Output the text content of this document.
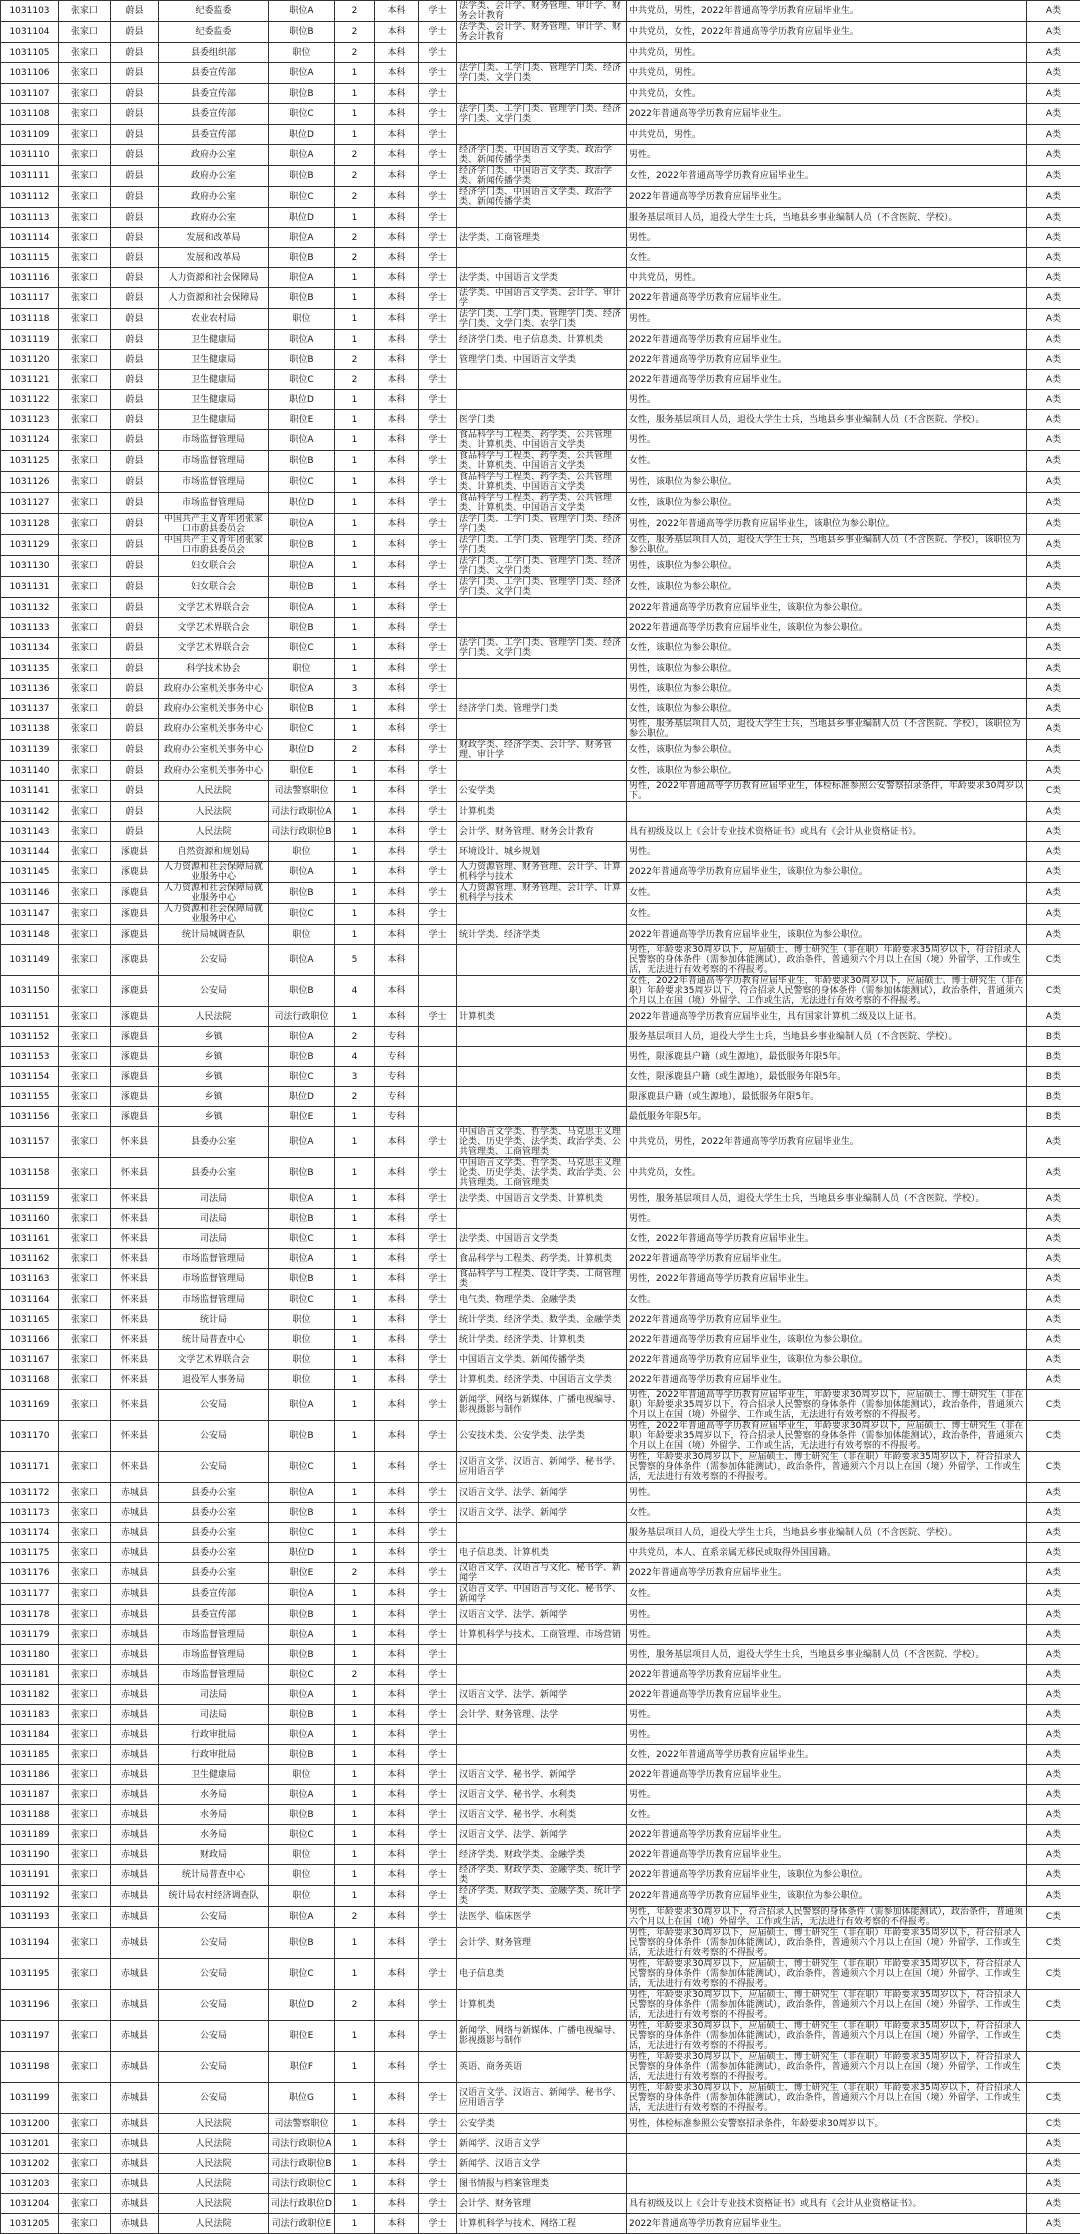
1031103	张家口	蔚县	纪委监委	职位A	2	本科	学士	法学类、会计学、财务管理、审计学、财务会计教育	中共党员，男性，2022年普通高等学历教育应届毕业生。	A类
1031104	张家口	蔚县	纪委监委	职位B	2	本科	学士	法学类、会计学、财务管理、审计学、财务会计教育	中共党员，女性，2022年普通高等学历教育应届毕业生。	A类
1031105	张家口	蔚县	县委组织部	职位	2	本科	学士		中共党员，男性。	A类
1031106	张家口	蔚县	县委宣传部	职位A	1	本科	学士	法学门类、工学门类、管理学门类、经济学门类、文学门类	中共党员，男性。	A类
1031107	张家口	蔚县	县委宣传部	职位B	1	本科	学士		中共党员，女性。	A类
1031108	张家口	蔚县	县委宣传部	职位C	1	本科	学士	法学门类、工学门类、管理学门类、经济学门类、文学门类	2022年普通高等学历教育应届毕业生。	A类
1031109	张家口	蔚县	县委宣传部	职位D	1	本科	学士		中共党员，男性。	A类
1031110	张家口	蔚县	政府办公室	职位A	2	本科	学士	经济学门类、中国语言文学类、政治学类、新闻传播学类	男性。	A类
1031111	张家口	蔚县	政府办公室	职位B	2	本科	学士	经济学门类、中国语言文学类、政治学类、新闻传播学类	女性，2022年普通高等学历教育应届毕业生。	A类
1031112	张家口	蔚县	政府办公室	职位C	2	本科	学士	经济学门类、中国语言文学类、政治学类、新闻传播学类	2022年普通高等学历教育应届毕业生。	A类
1031113	张家口	蔚县	政府办公室	职位D	1	本科	学士		服务基层项目人员，退役大学生士兵，当地县乡事业编制人员（不含医院、学校）。	A类
1031114	张家口	蔚县	发展和改革局	职位A	2	本科	学士	法学类、工商管理类	男性。	A类
1031115	张家口	蔚县	发展和改革局	职位B	2	本科	学士		女性。	A类
1031116	张家口	蔚县	人力资源和社会保障局	职位A	1	本科	学士	法学类、中国语言文学类	中共党员，男性。	A类
1031117	张家口	蔚县	人力资源和社会保障局	职位B	1	本科	学士	法学类、中国语言文学类、会计学、审计学	2022年普通高等学历教育应届毕业生。	A类
1031118	张家口	蔚县	农业农村局	职位	1	本科	学士	法学门类、工学门类、管理学门类、经济学门类、文学门类、农学门类	男性。	A类
1031119	张家口	蔚县	卫生健康局	职位A	1	本科	学士	经济学门类、电子信息类、计算机类	2022年普通高等学历教育应届毕业生。	A类
1031120	张家口	蔚县	卫生健康局	职位B	2	本科	学士	管理学门类、中国语言文学类	2022年普通高等学历教育应届毕业生。	A类
1031121	张家口	蔚县	卫生健康局	职位C	2	本科	学士		2022年普通高等学历教育应届毕业生。	A类
1031122	张家口	蔚县	卫生健康局	职位D	1	本科	学士		男性。	A类
1031123	张家口	蔚县	卫生健康局	职位E	1	本科	学士	医学门类	女性，服务基层项目人员，退役大学生士兵，当地县乡事业编制人员（不含医院、学校）。	A类
1031124	张家口	蔚县	市场监督管理局	职位A	1	本科	学士	食品科学与工程类、药学类、公共管理类、计算机类、中国语言文学类	男性。	A类
1031125	张家口	蔚县	市场监督管理局	职位B	1	本科	学士	食品科学与工程类、药学类、公共管理类、计算机类、中国语言文学类	女性。	A类
1031126	张家口	蔚县	市场监督管理局	职位C	1	本科	学士	食品科学与工程类、药学类、公共管理类、计算机类、中国语言文学类	男性，该职位为参公职位。	A类
1031127	张家口	蔚县	市场监督管理局	职位D	1	本科	学士	食品科学与工程类、药学类、公共管理类、计算机类、中国语言文学类	女性，该职位为参公职位。	A类
1031128	张家口	蔚县	中国共产主义青年团张家口市蔚县委员会	职位A	1	本科	学士	法学门类、工学门类、管理学门类、经济学门类	男性，2022年普通高等学历教育应届毕业生，该职位为参公职位。	A类
1031129	张家口	蔚县	中国共产主义青年团张家口市蔚县委员会	职位B	1	本科	学士	法学门类、工学门类、管理学门类、经济学门类	女性，服务基层项目人员，退役大学生士兵，当地县乡事业编制人员（不含医院、学校），该职位为参公职位。	A类
1031130	张家口	蔚县	妇女联合会	职位A	1	本科	学士	法学门类、工学门类、管理学门类、经济学门类、文学门类	男性，该职位为参公职位。	A类
1031131	张家口	蔚县	妇女联合会	职位B	1	本科	学士	法学门类、工学门类、管理学门类、经济学门类、文学门类	女性，该职位为参公职位。	A类
1031132	张家口	蔚县	文学艺术界联合会	职位A	1	本科	学士		2022年普通高等学历教育应届毕业生，该职位为参公职位。	A类
1031133	张家口	蔚县	文学艺术界联合会	职位B	1	本科	学士		2022年普通高等学历教育应届毕业生，该职位为参公职位。	A类
1031134	张家口	蔚县	文学艺术界联合会	职位C	1	本科	学士	法学门类、工学门类、管理学门类、经济学门类、文学门类	女性，该职位为参公职位。	A类
1031135	张家口	蔚县	科学技术协会	职位	1	本科	学士		男性，该职位为参公职位。	A类
1031136	张家口	蔚县	政府办公室机关事务中心	职位A	3	本科	学士		男性，该职位为参公职位。	A类
1031137	张家口	蔚县	政府办公室机关事务中心	职位B	1	本科	学士	经济学门类、管理学门类	女性，该职位为参公职位。	A类
1031138	张家口	蔚县	政府办公室机关事务中心	职位C	1	本科	学士		男性，服务基层项目人员，退役大学生士兵，当地县乡事业编制人员（不含医院、学校），该职位为参公职位。	A类
1031139	张家口	蔚县	政府办公室机关事务中心	职位D	2	本科	学士	财政学类、经济学类、会计学、财务管理、审计学	女性，该职位为参公职位。	A类
1031140	张家口	蔚县	政府办公室机关事务中心	职位E	1	本科	学士		女性，该职位为参公职位。	A类
1031141	张家口	蔚县	人民法院	司法警察职位	1	本科	学士	公安学类	男性，2022年普通高等学历教育应届毕业生，体检标准参照公安警察招录条件，年龄要求30周岁以下。	C类
1031142	张家口	蔚县	人民法院	司法行政职位A	1	本科	学士	计算机类		A类
1031143	张家口	蔚县	人民法院	司法行政职位B	1	本科	学士	会计学、财务管理、财务会计教育	具有初级及以上《会计专业技术资格证书》或具有《会计从业资格证书》。	A类
1031144	张家口	涿鹿县	自然资源和规划局	职位	1	本科	学士	环境设计、城乡规划	男性。	A类
1031145	张家口	涿鹿县	人力资源和社会保障局就业服务中心	职位A	1	本科	学士	人力资源管理、财务管理、会计学、计算机科学与技术	2022年普通高等学历教育应届毕业生，该职位为参公职位。	A类
1031146	张家口	涿鹿县	人力资源和社会保障局就业服务中心	职位B	1	本科	学士	人力资源管理、财务管理、会计学、计算机科学与技术	女性。	A类
1031147	张家口	涿鹿县	人力资源和社会保障局就业服务中心	职位C	1	本科	学士		女性。	A类
1031148	张家口	涿鹿县	统计局城调查队	职位	1	本科	学士	统计学类、经济学类	2022年普通高等学历教育应届毕业生，该职位为参公职位。	A类
1031149	张家口	涿鹿县	公安局	职位A	5	本科			男性，年龄要求30周岁以下，应届硕士、博士研究生（非在职）年龄要求35周岁以下，符合招录人民警察的身体条件（需参加体能测试），政治条件，普通须六个月以上在国（境）外留学、工作或生活，无法进行有效考察的不得报考。	C类
1031150	张家口	涿鹿县	公安局	职位B	4	本科			女性，2022年普通高等学历教育应届毕业生，年龄要求30周岁以下，应届硕士、博士研究生（非在职）年龄要求35周岁以下，符合招录人民警察的身体条件（需参加体能测试），政治条件，普通须六个月以上在国（境）外留学、工作或生活，无法进行有效考察的不得报考。	C类
1031151	张家口	涿鹿县	人民法院	司法行政职位	1	本科	学士	计算机类	2022年普通高等学历教育应届毕业生，具有国家计算机二级及以上证书。	A类
1031152	张家口	涿鹿县	乡镇	职位A	2	专科			服务基层项目人员，退役大学生士兵，当地县乡事业编制人员（不含医院、学校）。	B类
1031153	张家口	涿鹿县	乡镇	职位B	4	专科			男性，限涿鹿县户籍（或生源地），最低服务年限5年。	B类
1031154	张家口	涿鹿县	乡镇	职位C	3	专科			女性，限涿鹿县户籍（或生源地），最低服务年限5年。	B类
1031155	张家口	涿鹿县	乡镇	职位D	2	专科			限涿鹿县户籍（或生源地），最低服务年限5年。	B类
1031156	张家口	涿鹿县	乡镇	职位E	1	专科			最低服务年限5年。	B类
1031157	张家口	怀来县	县委办公室	职位A	1	本科	学士	中国语言文学类、哲学类、马克思主义理论类、历史学类、法学类、政治学类、公共管理类、工商管理类	中共党员，男性，2022年普通高等学历教育应届毕业生。	A类
1031158	张家口	怀来县	县委办公室	职位B	1	本科	学士	中国语言文学类、哲学类、马克思主义理论类、历史学类、法学类、政治学类、公共管理类、工商管理类	中共党员，女性。	A类
1031159	张家口	怀来县	司法局	职位A	1	本科	学士	法学类、中国语言文学类、计算机类	男性，服务基层项目人员，退役大学生士兵，当地县乡事业编制人员（不含医院、学校）。	A类
1031160	张家口	怀来县	司法局	职位B	1	本科	学士		男性。	A类
1031161	张家口	怀来县	司法局	职位C	1	本科	学士	法学类、中国语言文学类	女性，2022年普通高等学历教育应届毕业生。	A类
1031162	张家口	怀来县	市场监督管理局	职位A	1	本科	学士	食品科学与工程类、药学类、计算机类	2022年普通高等学历教育应届毕业生。	A类
1031163	张家口	怀来县	市场监督管理局	职位B	1	本科	学士	食品科学与工程类、设计学类、工商管理类	男性，2022年普通高等学历教育应届毕业生。	A类
1031164	张家口	怀来县	市场监督管理局	职位C	1	本科	学士	电气类、物理学类、金融学类	女性。	A类
1031165	张家口	怀来县	统计局	职位	1	本科	学士	统计学类、经济学类、数学类、金融学类	2022年普通高等学历教育应届毕业生。	A类
1031166	张家口	怀来县	统计局普查中心	职位	1	本科	学士	统计学类、经济学类、计算机类	2022年普通高等学历教育应届毕业生，该职位为参公职位。	A类
1031167	张家口	怀来县	文学艺术界联合会	职位	1	本科	学士	中国语言文学类、新闻传播学类	2022年普通高等学历教育应届毕业生，该职位为参公职位。	A类
1031168	张家口	怀来县	退役军人事务局	职位	1	本科	学士	计算机类、经济学类、中国语言文学类	2022年普通高等学历教育应届毕业生。	A类
1031169	张家口	怀来县	公安局	职位A	1	本科	学士	新闻学、网络与新媒体、广播电视编导、影视摄影与制作	男性，2022年普通高等学历教育应届毕业生，年龄要求30周岁以下，应届硕士、博士研究生（非在职）年龄要求35周岁以下，符合招录人民警察的身体条件（需参加体能测试），政治条件，普通须六个月以上在国（境）外留学、工作或生活，无法进行有效考察的不得报考。	C类
1031170	张家口	怀来县	公安局	职位B	1	本科	学士	公安技术类、公安学类、法学类	男性，2022年普通高等学历教育应届毕业生，年龄要求30周岁以下，应届硕士、博士研究生（非在职）年龄要求35周岁以下，符合招录人民警察的身体条件（需参加体能测试），政治条件，普通须六个月以上在国（境）外留学、工作或生活，无法进行有效考察的不得报考。	C类
1031171	张家口	怀来县	公安局	职位C	1	本科	学士	汉语言文学、汉语言、新闻学、秘书学、应用语言学	男性，年龄要求30周岁以下，应届硕士、博士研究生（非在职）年龄要求35周岁以下，符合招录人民警察的身体条件（需参加体能测试），政治条件，普通须六个月以上在国（境）外留学、工作或生活，无法进行有效考察的不得报考。	C类
1031172	张家口	赤城县	县委办公室	职位A	1	本科	学士	汉语言文学、法学、新闻学	男性。	A类
1031173	张家口	赤城县	县委办公室	职位B	1	本科	学士	汉语言文学、法学、新闻学	女性。	A类
1031174	张家口	赤城县	县委办公室	职位C	1	本科	学士		服务基层项目人员，退役大学生士兵，当地县乡事业编制人员（不含医院、学校）。	A类
1031175	张家口	赤城县	县委办公室	职位D	1	本科	学士	电子信息类、计算机类	中共党员，本人、直系亲属无移民或取得外国国籍。	A类
1031176	张家口	赤城县	县委办公室	职位E	2	本科	学士	汉语言文学、汉语言与文化、秘书学、新闻学	2022年普通高等学历教育应届毕业生。	A类
1031177	张家口	赤城县	县委宣传部	职位A	1	本科	学士	汉语言文学、中国语言与文化、秘书学、新闻学	女性。	A类
1031178	张家口	赤城县	县委宣传部	职位B	1	本科	学士	汉语言文学、法学、新闻学	男性。	A类
1031179	张家口	赤城县	市场监督管理局	职位A	1	本科	学士	计算机科学与技术、工商管理、市场营销	男性。	A类
1031180	张家口	赤城县	市场监督管理局	职位B	1	本科	学士		男性，服务基层项目人员，退役大学生士兵，当地县乡事业编制人员（不含医院、学校）。	A类
1031181	张家口	赤城县	市场监督管理局	职位C	2	本科	学士		2022年普通高等学历教育应届毕业生。	A类
1031182	张家口	赤城县	司法局	职位A	1	本科	学士	汉语言文学、法学、新闻学	2022年普通高等学历教育应届毕业生。	A类
1031183	张家口	赤城县	司法局	职位B	1	本科	学士	会计学、财务管理、法学	男性。	A类
1031184	张家口	赤城县	行政审批局	职位A	1	本科	学士		男性。	A类
1031185	张家口	赤城县	行政审批局	职位B	1	本科	学士		女性，2022年普通高等学历教育应届毕业生。	A类
1031186	张家口	赤城县	卫生健康局	职位	1	本科	学士	汉语言文学、秘书学、新闻学	2022年普通高等学历教育应届毕业生。	A类
1031187	张家口	赤城县	水务局	职位A	1	本科	学士	汉语言文学、秘书学、水利类	男性。	A类
1031188	张家口	赤城县	水务局	职位B	1	本科	学士	汉语言文学、秘书学、水利类	女性。	A类
1031189	张家口	赤城县	水务局	职位C	1	本科	学士	汉语言文学、法学、新闻学	2022年普通高等学历教育应届毕业生。	A类
1031190	张家口	赤城县	财政局	职位	1	本科	学士	经济学类、财政学类、金融学类	2022年普通高等学历教育应届毕业生。	A类
1031191	张家口	赤城县	统计局普查中心	职位	1	本科	学士	经济学类、财政学类、金融学类、统计学类	2022年普通高等学历教育应届毕业生，该职位为参公职位。	A类
1031192	张家口	赤城县	统计局农村经济调查队	职位	1	本科	学士	经济学类、财政学类、金融学类、统计学类	2022年普通高等学历教育应届毕业生，该职位为参公职位。	A类
1031193	张家口	赤城县	公安局	职位A	2	本科	学士	法医学、临床医学	男性，年龄要求30周岁以下，符合招录人民警察的身体条件（需参加体能测试），政治条件，普通须六个月以上在国（境）外留学、工作或生活，无法进行有效考察的不得报考。	C类
1031194	张家口	赤城县	公安局	职位B	1	本科	学士	会计学、财务管理	男性，年龄要求30周岁以下，应届硕士、博士研究生（非在职）年龄要求35周岁以下，符合招录人民警察的身体条件（需参加体能测试），政治条件，普通须六个月以上在国（境）外留学、工作或生活，无法进行有效考察的不得报考。	C类
1031195	张家口	赤城县	公安局	职位C	1	本科	学士	电子信息类	男性，年龄要求30周岁以下，应届硕士、博士研究生（非在职）年龄要求35周岁以下，符合招录人民警察的身体条件（需参加体能测试），政治条件，普通须六个月以上在国（境）外留学、工作或生活，无法进行有效考察的不得报考。	C类
1031196	张家口	赤城县	公安局	职位D	2	本科	学士	计算机类	男性，年龄要求30周岁以下，应届硕士、博士研究生（非在职）年龄要求35周岁以下，符合招录人民警察的身体条件（需参加体能测试），政治条件，普通须六个月以上在国（境）外留学、工作或生活，无法进行有效考察的不得报考。	C类
1031197	张家口	赤城县	公安局	职位E	1	本科	学士	新闻学、网络与新媒体、广播电视编导、影视摄影与制作	男性，年龄要求30周岁以下，应届硕士、博士研究生（非在职）年龄要求35周岁以下，符合招录人民警察的身体条件（需参加体能测试），政治条件，普通须六个月以上在国（境）外留学、工作或生活，无法进行有效考察的不得报考。	C类
1031198	张家口	赤城县	公安局	职位F	1	本科	学士	英语、商务英语	男性，年龄要求30周岁以下，应届硕士、博士研究生（非在职）年龄要求35周岁以下，符合招录人民警察的身体条件（需参加体能测试），政治条件，普通须六个月以上在国（境）外留学、工作或生活，无法进行有效考察的不得报考。	C类
1031199	张家口	赤城县	公安局	职位G	1	本科	学士	汉语言文学、汉语言、新闻学、秘书学、应用语言学	男性，年龄要求30周岁以下，应届硕士、博士研究生（非在职）年龄要求35周岁以下，符合招录人民警察的身体条件（需参加体能测试），政治条件，普通须六个月以上在国（境）外留学、工作或生活，无法进行有效考察的不得报考。	C类
1031200	张家口	赤城县	人民法院	司法警察职位	1	本科	学士	公安学类	男性，体检标准参照公安警察招录条件，年龄要求30周岁以下。	C类
1031201	张家口	赤城县	人民法院	司法行政职位A	1	本科	学士	新闻学、汉语言文学		A类
1031202	张家口	赤城县	人民法院	司法行政职位B	1	本科	学士	新闻学、汉语言文学		A类
1031203	张家口	赤城县	人民法院	司法行政职位C	1	本科	学士	图书情报与档案管理类		A类
1031204	张家口	赤城县	人民法院	司法行政职位D	1	本科	学士	会计学、财务管理	具有初级及以上《会计专业技术资格证书》或具有《会计从业资格证书》。	A类
1031205	张家口	赤城县	人民法院	司法行政职位E	1	本科	学士	计算机科学与技术、网络工程	2022年普通高等学历教育应届毕业生。	A类
